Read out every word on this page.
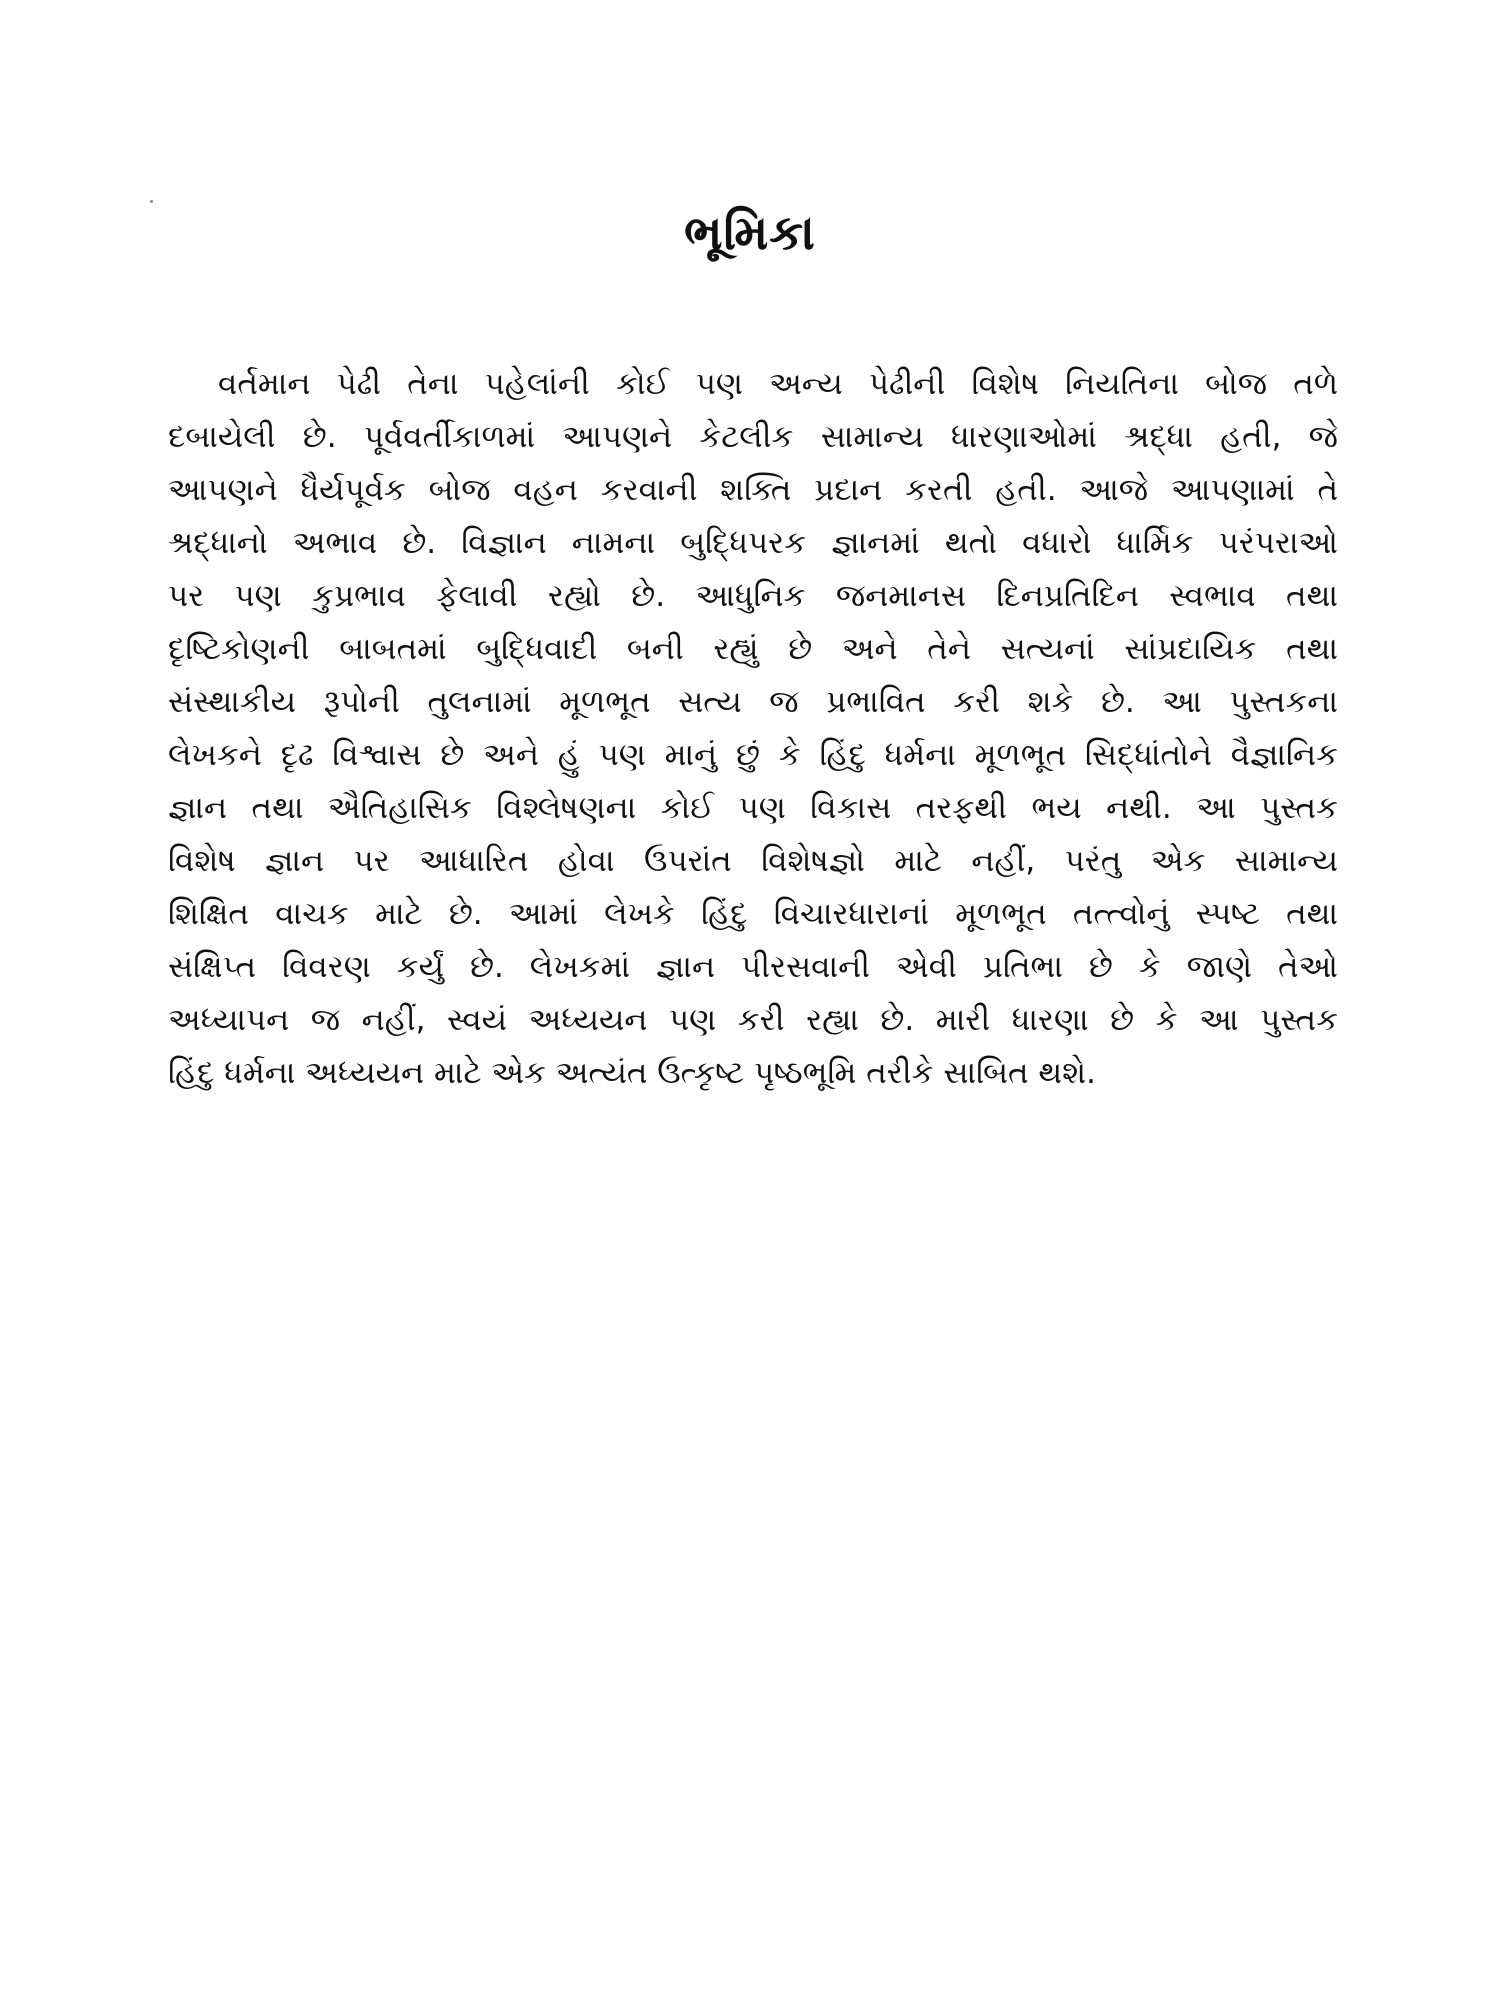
ભૂમિકા
વર્તમાન પેઢી તેના પહેલાંની કોઈ પણ અન્ય પેઢીની વિશેષ નિયતિના બોજ તળે
દબાયેલી છે. પૂર્વવર્તીકાળમાં આપણને કેટલીક સામાન્ય ધારણાઓમાં શ્રદ્ધા હતી, જે
આપણને ધૈર્યપૂર્વક બોજ વહન કરવાની શક્તિ પ્રદાન કરતી હતી. આજે આપણામાં તે
શ્રદ્ધાનો અભાવ છે. વિજ્ઞાન નામના બુદ્ધિપરક જ્ઞાનમાં થતો વધારો ધાર્મિક પરંપરાઓ
પર પણ કુપ્રભાવ ફેલાવી રહ્યો છે. આધુનિક જનમાનસ દિનપ્રતિદિન સ્વભાવ તથા
દૃષ્ટિકોણની બાબતમાં બુદ્ધિવાદી બની રહ્યું છે અને તેને સત્યનાં સાંપ્રદાયિક તથા
સંસ્થાકીય રૂપોની તુલનામાં મૂળભૂત સત્ય જ પ્રભાવિત કરી શકે છે. આ પુસ્તકના
લેખકને દૃઢ વિશ્વાસ છે અને હું પણ માનું છું કે હિંદુ ધર્મના મૂળભૂત સિદ્ધાંતોને વૈજ્ઞાનિક
જ્ઞાન તથા ઐતિહાસિક વિશ્લેષણના કોઈ પણ વિકાસ તરફથી ભય નથી. આ પુસ્તક
વિશેષ જ્ઞાન પર આધારિત હોવા ઉપરાંત વિશેષજ્ઞો માટે નહીં, પરંતુ એક સામાન્ય
શિક્ષિત વાચક માટે છે. આમાં લેખકે હિંદુ વિચારધારાનાં મૂળભૂત તત્ત્વોનું સ્પષ્ટ તથા
સંક્ષિપ્ત વિવરણ કર્યું છે. લેખકમાં જ્ઞાન પીરસવાની એવી પ્રતિભા છે કે જાણે તેઓ
અધ્યાપન જ નહીં, સ્વયં અધ્યયન પણ કરી રહ્યા છે. મારી ધારણા છે કે આ પુસ્તક
હિંદુ ધર્મના અધ્યયન માટે એક અત્યંત ઉત્કૃષ્ટ પૃષ્ઠભૂમિ તરીકે સાબિત થશે.
